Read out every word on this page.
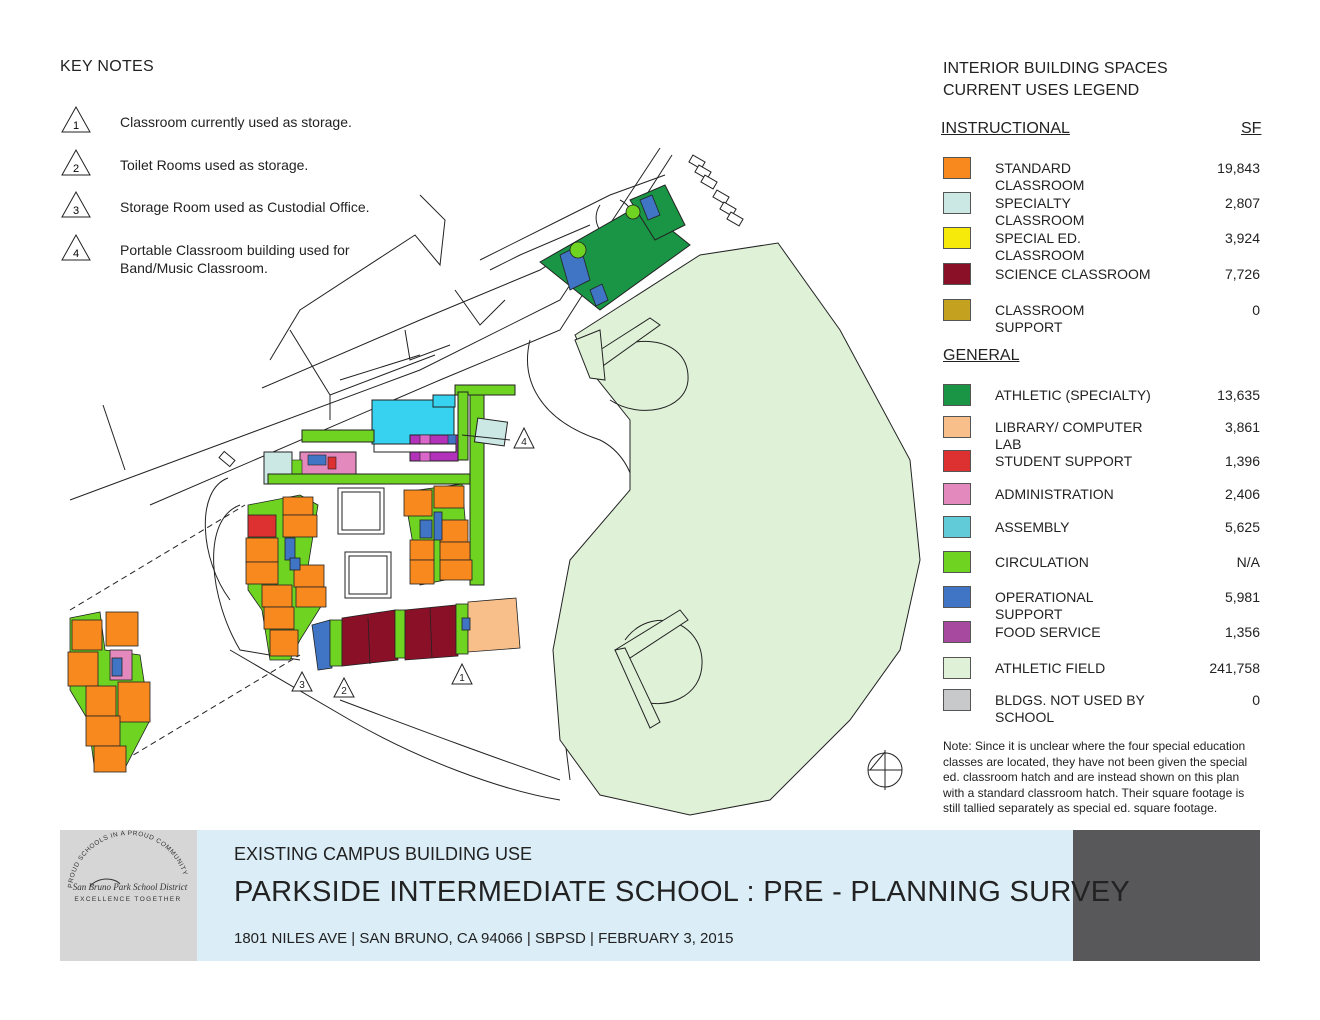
4
1
2
3
KEY NOTES
1	Classroom currently used as storage.
2	Toilet Rooms used as storage.
3	Storage Room used as Custodial Office.
4	Portable Classroom building used for Band/Music Classroom.
INTERIOR BUILDING SPACES
CURRENT USES LEGEND
INSTRUCTIONAL	SF
STANDARD CLASSROOM
19,843
SPECIALTY CLASSROOM
2,807
SPECIAL ED. CLASSROOM
3,924
SCIENCE CLASSROOM	7,726
CLASSROOM SUPPORT
0
GENERAL
ATHLETIC (SPECIALTY)	13,635
LIBRARY/ COMPUTER LAB
3,861
STUDENT SUPPORT	1,396
ADMINISTRATION	2,406
ASSEMBLY	5,625
CIRCULATION	N/A
OPERATIONAL SUPPORT
5,981
FOOD SERVICE	1,356
ATHLETIC FIELD	241,758
BLDGS. NOT USED BY SCHOOL
0
Note: Since it is unclear where the four special education classes are located, they have not been given the special ed. classroom hatch and are instead shown on this plan with a standard classroom hatch. Their square footage is still tallied separately as special ed. square footage.
PROUD SCHOOLS IN A PROUD COMMUNITY
San Bruno Park School District
EXCELLENCE TOGETHER
EXISTING CAMPUS BUILDING USE
PARKSIDE INTERMEDIATE SCHOOL : PRE - PLANNING SURVEY
1801 NILES AVE | SAN BRUNO, CA 94066 | SBPSD | FEBRUARY 3, 2015
